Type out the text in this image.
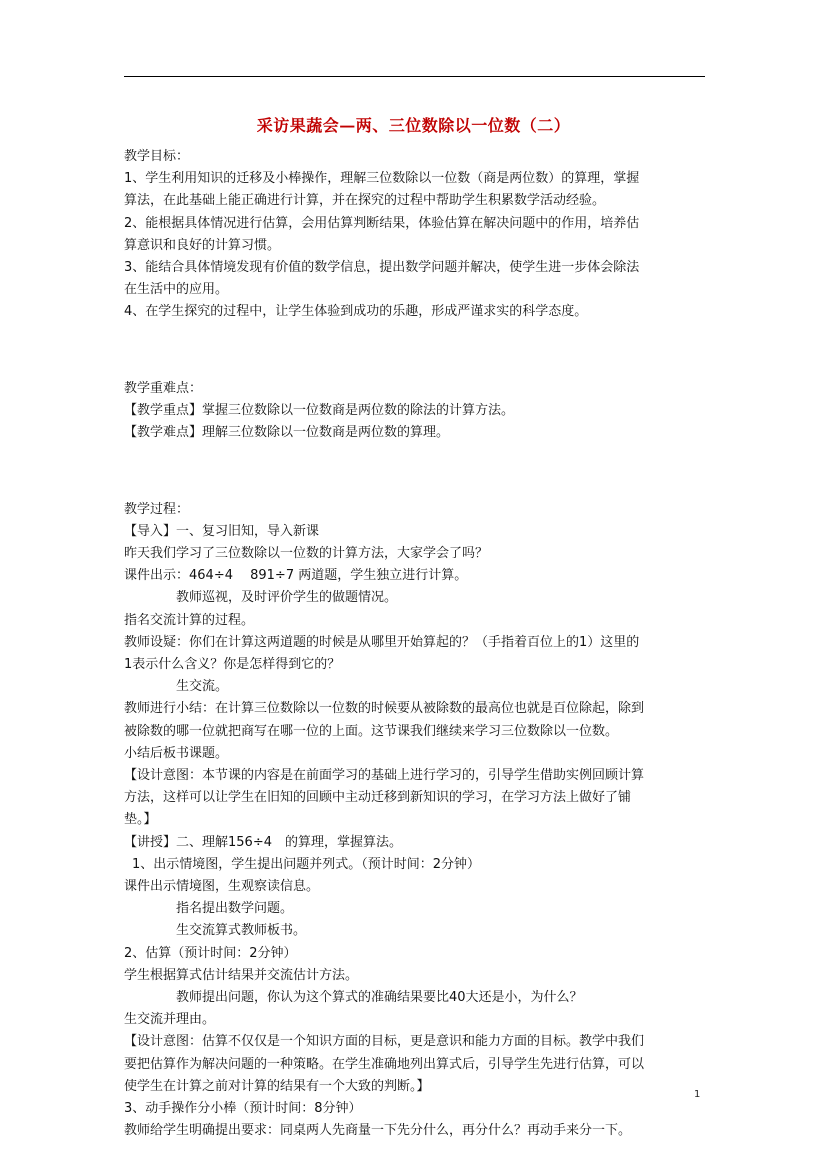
采访果蔬会—两、三位数除以一位数（二）

教学目标：

1、学生利用知识的迁移及小棒操作，理解三位数除以一位数（商是两位数）的算理，掌握

算法，在此基础上能正确进行计算，并在探究的过程中帮助学生积累数学活动经验。

2、能根据具体情况进行估算，会用估算判断结果，体验估算在解决问题中的作用，培养估

算意识和良好的计算习惯。

3、能结合具体情境发现有价值的数学信息，提出数学问题并解决，使学生进一步体会除法

在生活中的应用。

4、在学生探究的过程中，让学生体验到成功的乐趣，形成严谨求实的科学态度。

教学重难点：

【教学重点】掌握三位数除以一位数商是两位数的除法的计算方法。

【教学难点】理解三位数除以一位数商是两位数的算理。

教学过程：

【导入】一、复习旧知，导入新课

昨天我们学习了三位数除以一位数的计算方法，大家学会了吗？

课件出示：464÷4　 891÷7 两道题，学生独立进行计算。

教师巡视，及时评价学生的做题情况。

指名交流计算的过程。

教师设疑：你们在计算这两道题的时候是从哪里开始算起的？（手指着百位上的1）这里的

1表示什么含义？你是怎样得到它的？

生交流。

教师进行小结：在计算三位数除以一位数的时候要从被除数的最高位也就是百位除起，除到

被除数的哪一位就把商写在哪一位的上面。这节课我们继续来学习三位数除以一位数。

小结后板书课题。

【设计意图：本节课的内容是在前面学习的基础上进行学习的，引导学生借助实例回顾计算

方法，这样可以让学生在旧知的回顾中主动迁移到新知识的学习，在学习方法上做好了铺

垫。】

【讲授】二、理解156÷4　的算理，掌握算法。

1、出示情境图，学生提出问题并列式。（预计时间：2分钟）

课件出示情境图，生观察读信息。

指名提出数学问题。

生交流算式教师板书。

2、估算（预计时间：2分钟）

学生根据算式估计结果并交流估计方法。

教师提出问题，你认为这个算式的准确结果要比40大还是小，为什么？

生交流并理由。

【设计意图：估算不仅仅是一个知识方面的目标，更是意识和能力方面的目标。教学中我们

要把估算作为解决问题的一种策略。在学生准确地列出算式后，引导学生先进行估算，可以

使学生在计算之前对计算的结果有一个大致的判断。】

3、动手操作分小棒（预计时间：8分钟）

教师给学生明确提出要求：同桌两人先商量一下先分什么，再分什么？再动手来分一下。

1
